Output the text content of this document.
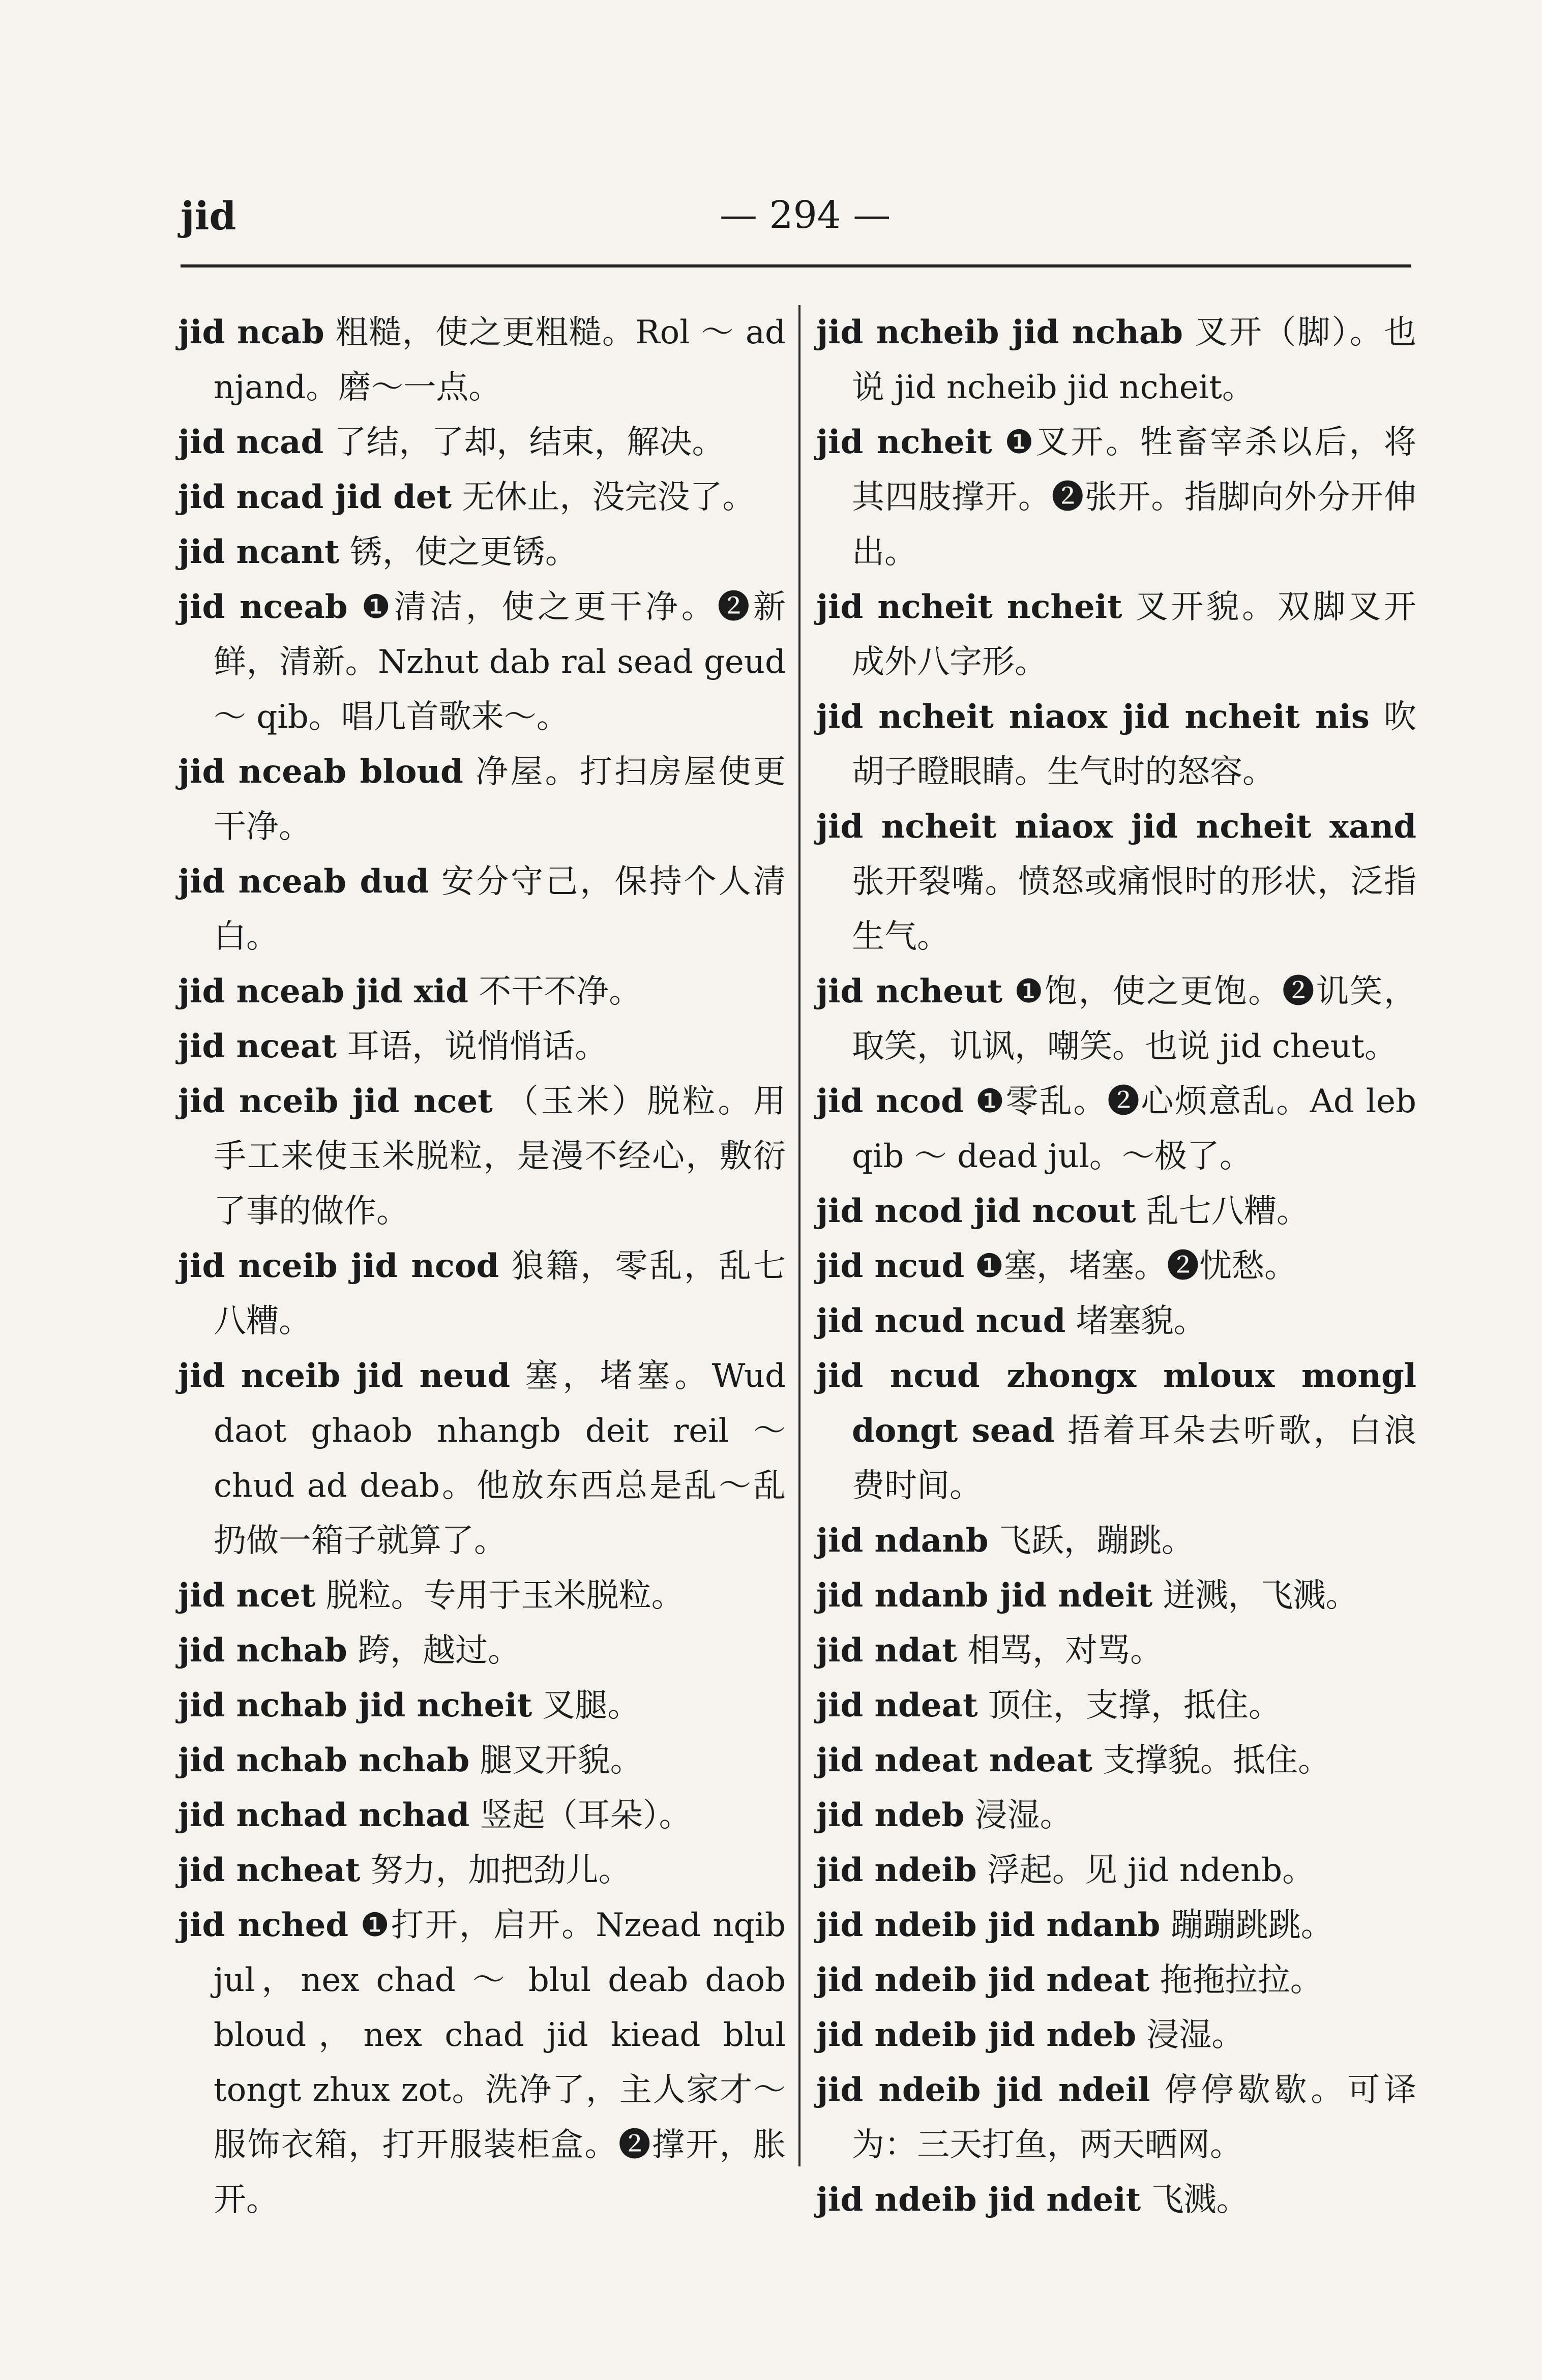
jid	— 294 —

jid ncab 粗糙，使之更粗糙。Rol ～ ad njand。磨～一点。

jid ncad 了结，了却，结束，解决。

jid ncad jid det 无休止，没完没了。

jid ncant 锈，使之更锈。

jid nceab ❶清洁，使之更干净。❷新鲜，清新。Nzhut dab ral sead geud ～ qib。唱几首歌来～。

jid nceab bloud 净屋。打扫房屋使更干净。

jid nceab dud 安分守己，保持个人清白。

jid nceab jid xid 不干不净。

jid nceat 耳语，说悄悄话。

jid nceib jid ncet （玉米）脱粒。用手工来使玉米脱粒，是漫不经心，敷衍了事的做作。

jid nceib jid ncod 狼籍，零乱，乱七八糟。

jid nceib jid neud 塞，堵塞。Wud daot ghaob nhangb deit reil ～ chud ad deab。他放东西总是乱～乱扔做一箱子就算了。

jid ncet 脱粒。专用于玉米脱粒。

jid nchab 跨，越过。

jid nchab jid ncheit 叉腿。

jid nchab nchab 腿叉开貌。

jid nchad nchad 竖起（耳朵）。

jid ncheat 努力，加把劲儿。

jid nched ❶打开，启开。Nzead nqib jul，nex chad ～ blul deab daob bloud，nex chad jid kiead blul tongt zhux zot。洗净了，主人家才～服饰衣箱，打开服装柜盒。❷撑开，胀开。

jid ncheib jid nchab 叉开（脚）。也说 jid ncheib jid ncheit。

jid ncheit ❶叉开。牲畜宰杀以后，将其四肢撑开。❷张开。指脚向外分开伸出。

jid ncheit ncheit 叉开貌。双脚叉开成外八字形。

jid ncheit niaox jid ncheit nis 吹胡子瞪眼睛。生气时的怒容。

jid ncheit niaox jid ncheit xand 张开裂嘴。愤怒或痛恨时的形状，泛指生气。

jid ncheut ❶饱，使之更饱。❷讥笑，取笑，讥讽，嘲笑。也说 jid cheut。

jid ncod ❶零乱。❷心烦意乱。Ad leb qib ～ dead jul。～极了。

jid ncod jid ncout 乱七八糟。

jid ncud ❶塞，堵塞。❷忧愁。

jid ncud ncud 堵塞貌。

jid ncud zhongx mloux mongl dongt sead 捂着耳朵去听歌，白浪费时间。

jid ndanb 飞跃，蹦跳。

jid ndanb jid ndeit 迸溅，飞溅。

jid ndat 相骂，对骂。

jid ndeat 顶住，支撑，抵住。

jid ndeat ndeat 支撑貌。抵住。

jid ndeb 浸湿。

jid ndeib 浮起。见 jid ndenb。

jid ndeib jid ndanb 蹦蹦跳跳。

jid ndeib jid ndeat 拖拖拉拉。

jid ndeib jid ndeb 浸湿。

jid ndeib jid ndeil 停停歇歇。可译为：三天打鱼，两天晒网。

jid ndeib jid ndeit 飞溅。
